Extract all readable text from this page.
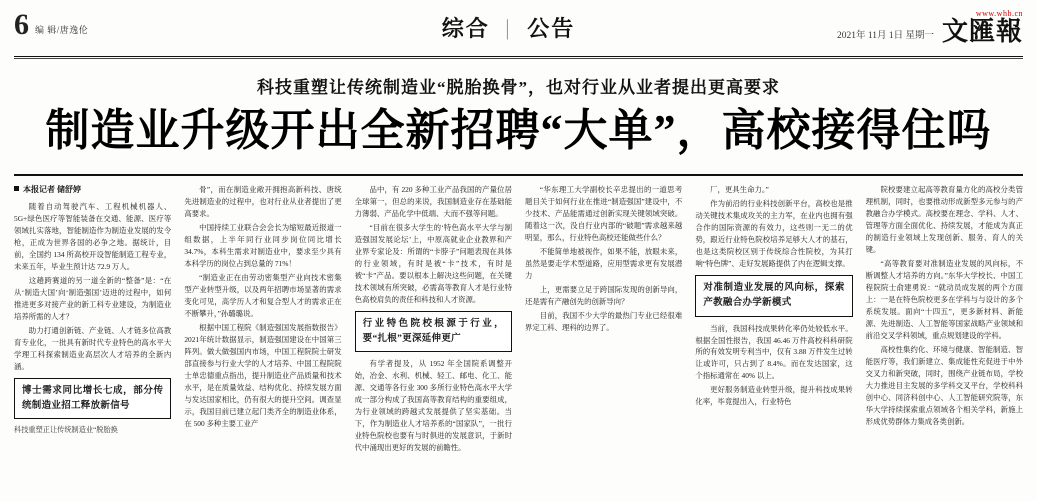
6 编 辑/唐逸伦	综合 | 公告	2021年 11月 1日 星期一
www.whb.cn
文匯報
科技重塑让传统制造业“脱胎换骨”，也对行业从业者提出更高要求
制造业升级开出全新招聘“大单”，高校接得住吗
本报记者 储舒婷

随着自动驾驶汽车、工程机械机器人、5G+绿色医疗等智能装备在交通、能源、医疗等领域扎实落地，智能制造作为制造业发展的发令枪，正成为世界各国的必争之地。据统计，目前，全国约 134 所高校开设智能制造工程专业，未来五年，毕业生预计达 72.9 万人。

这趟跨赛道的另一道全新的“整备”是：“在从‘制造大国’向‘制造强国’迈进的过程中，如何推进更多对接产业的新工科专业建设，为制造业培养所需的人才？

助力打通创新链、产业链、人才链多位高教育专业化，一批具有新时代专业特色的高水平大学理工科探索制造业高层次人才培养的全新内涵。

博士需求同比增长七成，部分传统制造业招工释放新信号
科技重塑正让传统制造业“脱胎换

骨”，而在制造业敞开拥抱高新科技、唐统先进制造业的过程中，也对行业从业者提出了更高要求。

中国持续工业联合会会长为缩短最近报道一组数据，上半年同行业同步岗位同比增长 34.7%，本科生需求对制造业中，要求至少具有本科学历的岗位占到总量的 71%！

“制造业正在由劳动密集型产业向技术密集型产业转型升级，以及两年招聘市场显著的需求变化可见，高学历人才和复合型人才的需求正在不断攀升，”孙璐璐说。

根据中国工程院《制造强国发展指数报告》2021年统计数据显示，制造强国建设在中国第三阵列。做大做强国内市场，中国工程院院士研发部直接参与行业大学的人才培养、中国工程院院士单忠德重点指出，提升制造业产品质量和技术水平，是在质量效益、结构优化、持续发展方面与发达国家相比，仍有很大的提升空间。调查显示，我国目前已建立起门类齐全的制造业体系，在 500 多种主要工业产

品中，有 220 多种工业产品我国的产量位居全球第一，但总的来说，我国制造业存在基础能力薄弱、产品化学中低端、大而不强等问题。

“目前在很多大学生的‘特色高水平大学与制造强国发展论坛’上，中原高就业企业教界和产业界专家论及：所谓的“卡脖子”问题表现在具体的行业领域，有时是被“卡”技术，有时是被“卡”产品。要以根本上解决这些问题，在关键技术领域有所突破，必需高等教育人才是行业特色高校肩负的责任和科技和人才资源。

行业特色院校根源于行业，要“扎根”更深延伸更广

有学者提及，从 1952 年全国院系调整开始，冶金、水利、机械、轻工、邮电、化工、能源、交通等各行业 300 多所行业特色高水平大学成一部分构成了我国高等教育结构的重要组成，为行业领域的跨越式发展提供了坚实基础。当下，作为制造业人才培养系的“国家队”，一批行业特色院校也要有与时俱进的发展意识，于新时代中涌现出更好的发展的前瞻性。

“华东理工大学副校长辛忠提出的一道思考题目关于如何行业在推进“制造强国”建设中，不少技术、产品能需通过创新实现关键领域突破。随着这一次，没自行业内部的“破题”需求越来越明显，那么，行业特色高校还能做些什么？

不能简单地被视作，如果不能，放眼未来，虽然是要走学术型道路，应用型需求更有发展潜力

上，更需要立足于跨国际发现的创新导向，还是需有产融创先的创新导向？

目前，我国不少大学的最热门专业已经很难界定工科、理科的边界了。

厂，更具生命力。”

作为前沿的行业科技创新平台，高校也是推动关键技术集成攻关的主力军，在业内也拥有强合作的国际资源的有效力，这些则一无二的优势，跟近行业特色院校培养足够大人才的基石，也是这类院校区别于传统综合性院校，为其打响“特色牌”、走好发展路提供了内在逻辑支撑。

对准制造业发展的风向标，探索产教融合办学新模式

当前，我国科技成果转化率仍处较低水平。根据全国性报告，我国 46.46 万件高校科科研院所的有效发明专利当中，仅有 3.88 万件发生过转让或许可，只占到了 8.4%。而在发达国家，这个指标通常在 40% 以上。

更好服务制造业转型升级，提升科技成果转化率，毕竟提出入，行业特色

院校要建立起高等教育量方化的高校分类管理机制，同时，也要推动形成新型多元参与的产教融合办学模式。高校要在理念、学科、人才、管理等方面全面优化、持续发展，才能成为真正的制造行业领域上发现创新、服务、育人的关键。

“高等教育要对准制造业发展的风向标，不断调整人才培养的方向。”东华大学校长、中国工程院院士俞建勇说：“就动员成发展的两个方面上：一是在特色院校更多在学科与与设计的多个系统发展。面向“十四五”，更多新材料、新能源、先进制造、人工智能等国家战略产业领域和前沿交叉学科领域，重点规划建设的学科。

高校性集约化、环境与健康、智能制造、智能医疗等，我们新建立、集成能性充促进于中外交叉力和新突破，同时，围绕产业链布局，学校大力推进目主发展的多学科交叉平台，学校科科创中心、同济科创中心、人工智能研究院等，东华大学持续探索重点领域各个相关学科，新施上形成优势群体力集成各类创新。
